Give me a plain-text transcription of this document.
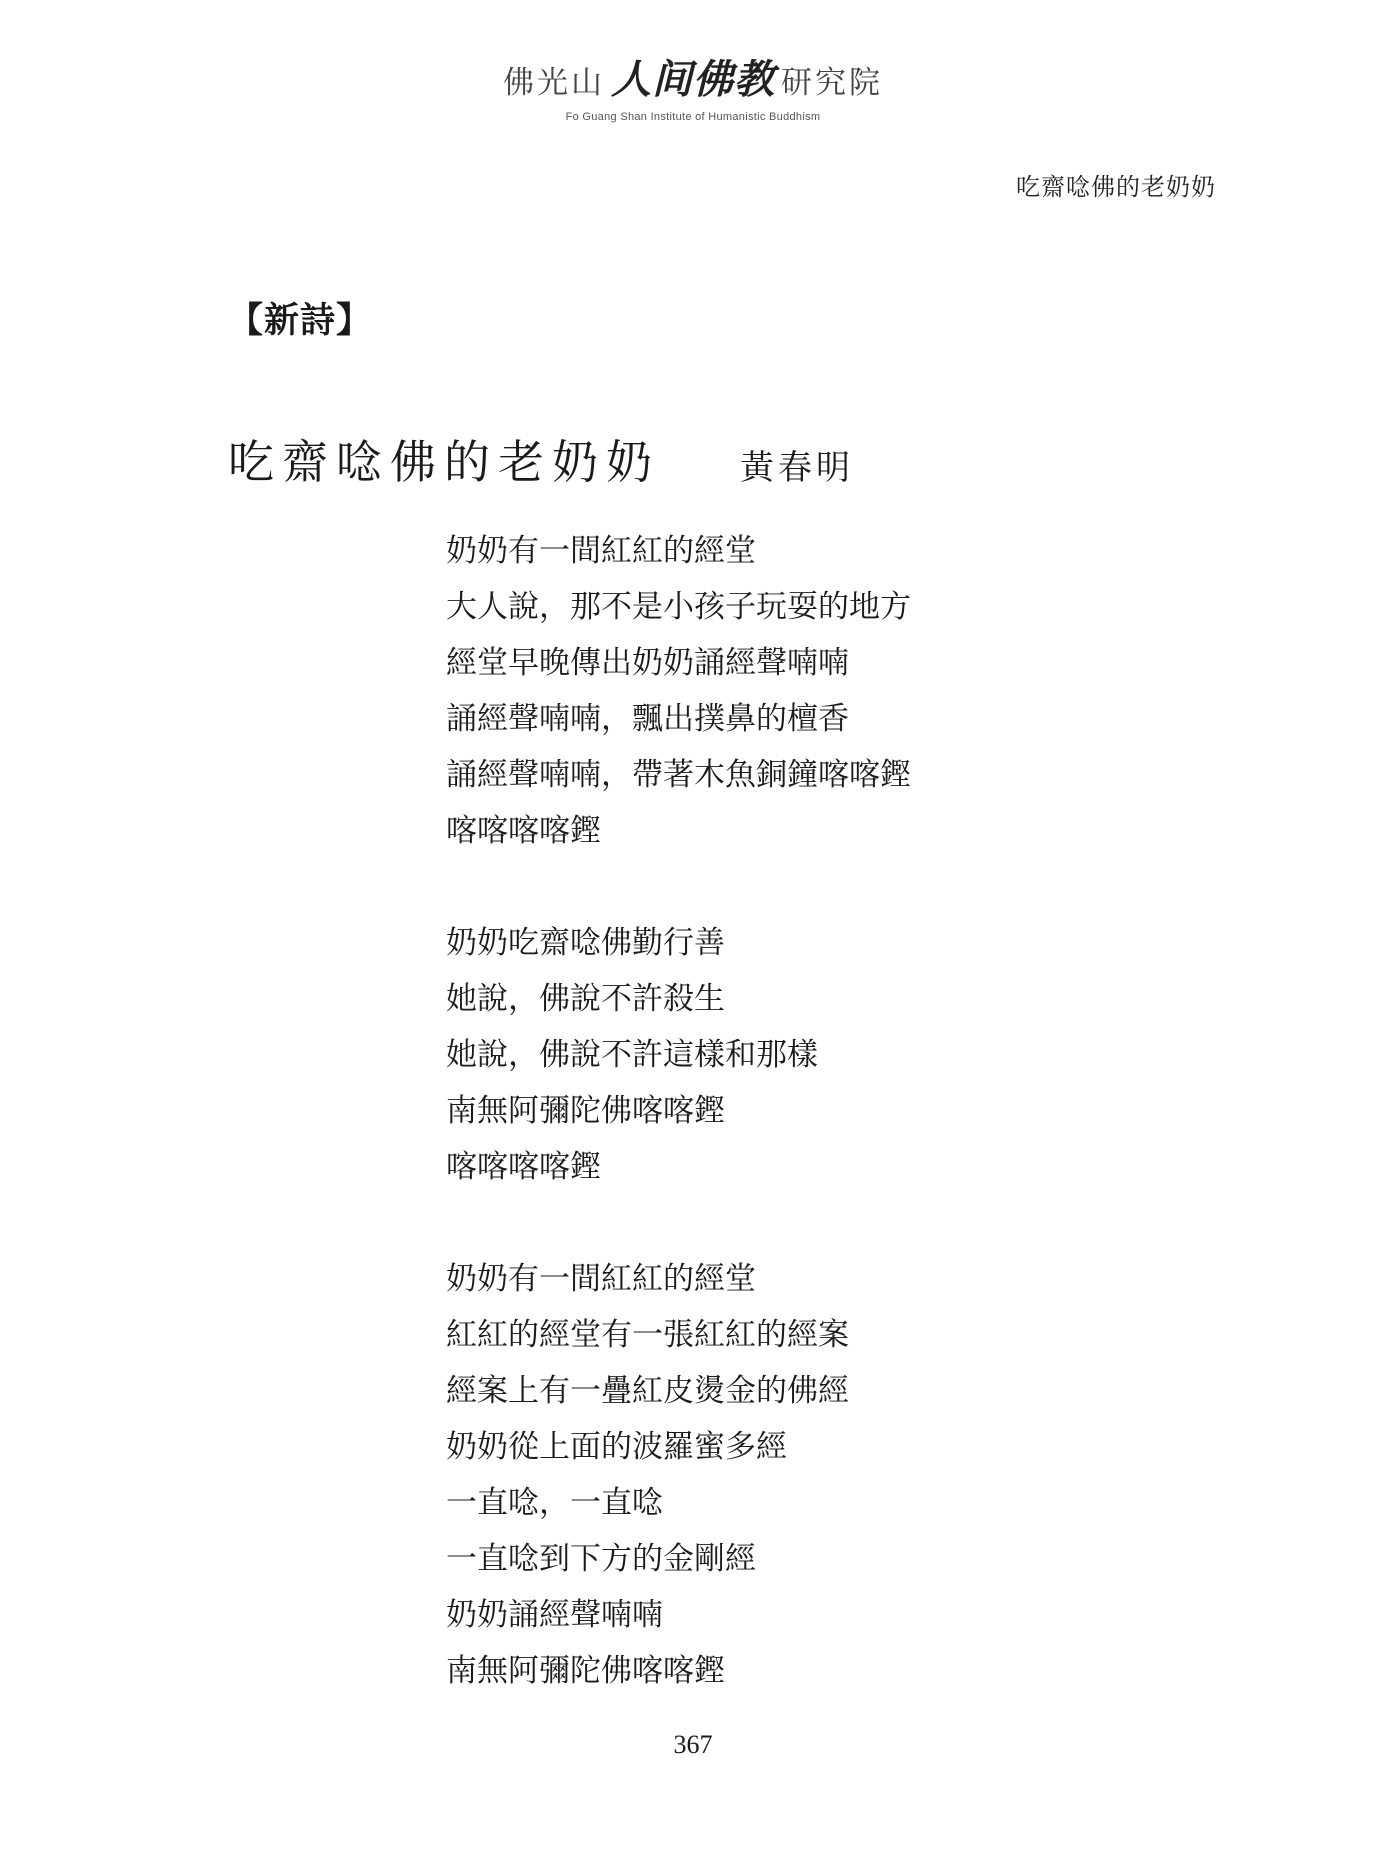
佛光山 人间佛教 研究院
Fo Guang Shan Institute of Humanistic Buddhism
吃齋唸佛的老奶奶
【新詩】
吃齋唸佛的老奶奶 黃春明
奶奶有一間紅紅的經堂
大人說，那不是小孩子玩耍的地方
經堂早晚傳出奶奶誦經聲喃喃
誦經聲喃喃，飄出撲鼻的檀香
誦經聲喃喃，帶著木魚銅鐘喀喀鏗
喀喀喀喀鏗
奶奶吃齋唸佛勤行善
她說，佛說不許殺生
她說，佛說不許這樣和那樣
南無阿彌陀佛喀喀鏗
喀喀喀喀鏗
奶奶有一間紅紅的經堂
紅紅的經堂有一張紅紅的經案
經案上有一疊紅皮燙金的佛經
奶奶從上面的波羅蜜多經
一直唸，一直唸
一直唸到下方的金剛經
奶奶誦經聲喃喃
南無阿彌陀佛喀喀鏗
367
